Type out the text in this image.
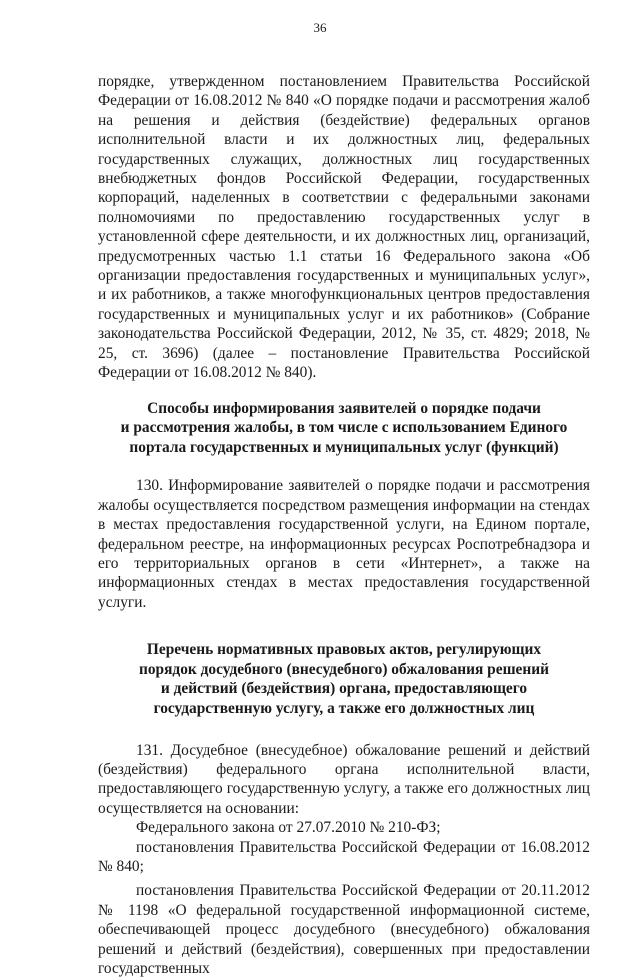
36

порядке, утвержденном постановлением Правительства Российской Федерации от 16.08.2012 № 840 «О порядке подачи и рассмотрения жалоб на решения и действия (бездействие) федеральных органов исполнительной власти и их должностных лиц, федеральных государственных служащих, должностных лиц государственных внебюджетных фондов Российской Федерации, государственных корпораций, наделенных в соответствии с федеральными законами полномочиями по предоставлению государственных услуг в установленной сфере деятельности, и их должностных лиц, организаций, предусмотренных частью 1.1 статьи 16 Федерального закона «Об организации предоставления государственных и муниципальных услуг», и их работников, а также многофункциональных центров предоставления государственных и муниципальных услуг и их работников» (Собрание законодательства Российской Федерации, 2012, № 35, ст. 4829; 2018, № 25, ст. 3696) (далее – постановление Правительства Российской Федерации от 16.08.2012 № 840).

Способы информирования заявителей о порядке подачи
и рассмотрения жалобы, в том числе с использованием Единого
портала государственных и муниципальных услуг (функций)

130. Информирование заявителей о порядке подачи и рассмотрения жалобы осуществляется посредством размещения информации на стендах в местах предоставления государственной услуги, на Едином портале, федеральном реестре, на информационных ресурсах Роспотребнадзора и его территориальных органов в сети «Интернет», а также на информационных стендах в местах предоставления государственной услуги.

Перечень нормативных правовых актов, регулирующих
порядок досудебного (внесудебного) обжалования решений
и действий (бездействия) органа, предоставляющего
государственную услугу, а также его должностных лиц

131. Досудебное (внесудебное) обжалование решений и действий (бездействия) федерального органа исполнительной власти, предоставляющего государственную услугу, а также его должностных лиц осуществляется на основании:

Федерального закона от 27.07.2010 № 210-ФЗ;

постановления Правительства Российской Федерации от 16.08.2012 № 840;

постановления Правительства Российской Федерации от 20.11.2012 № 1198 «О федеральной государственной информационной системе, обеспечивающей процесс досудебного (внесудебного) обжалования решений и действий (бездействия), совершенных при предоставлении государственных
